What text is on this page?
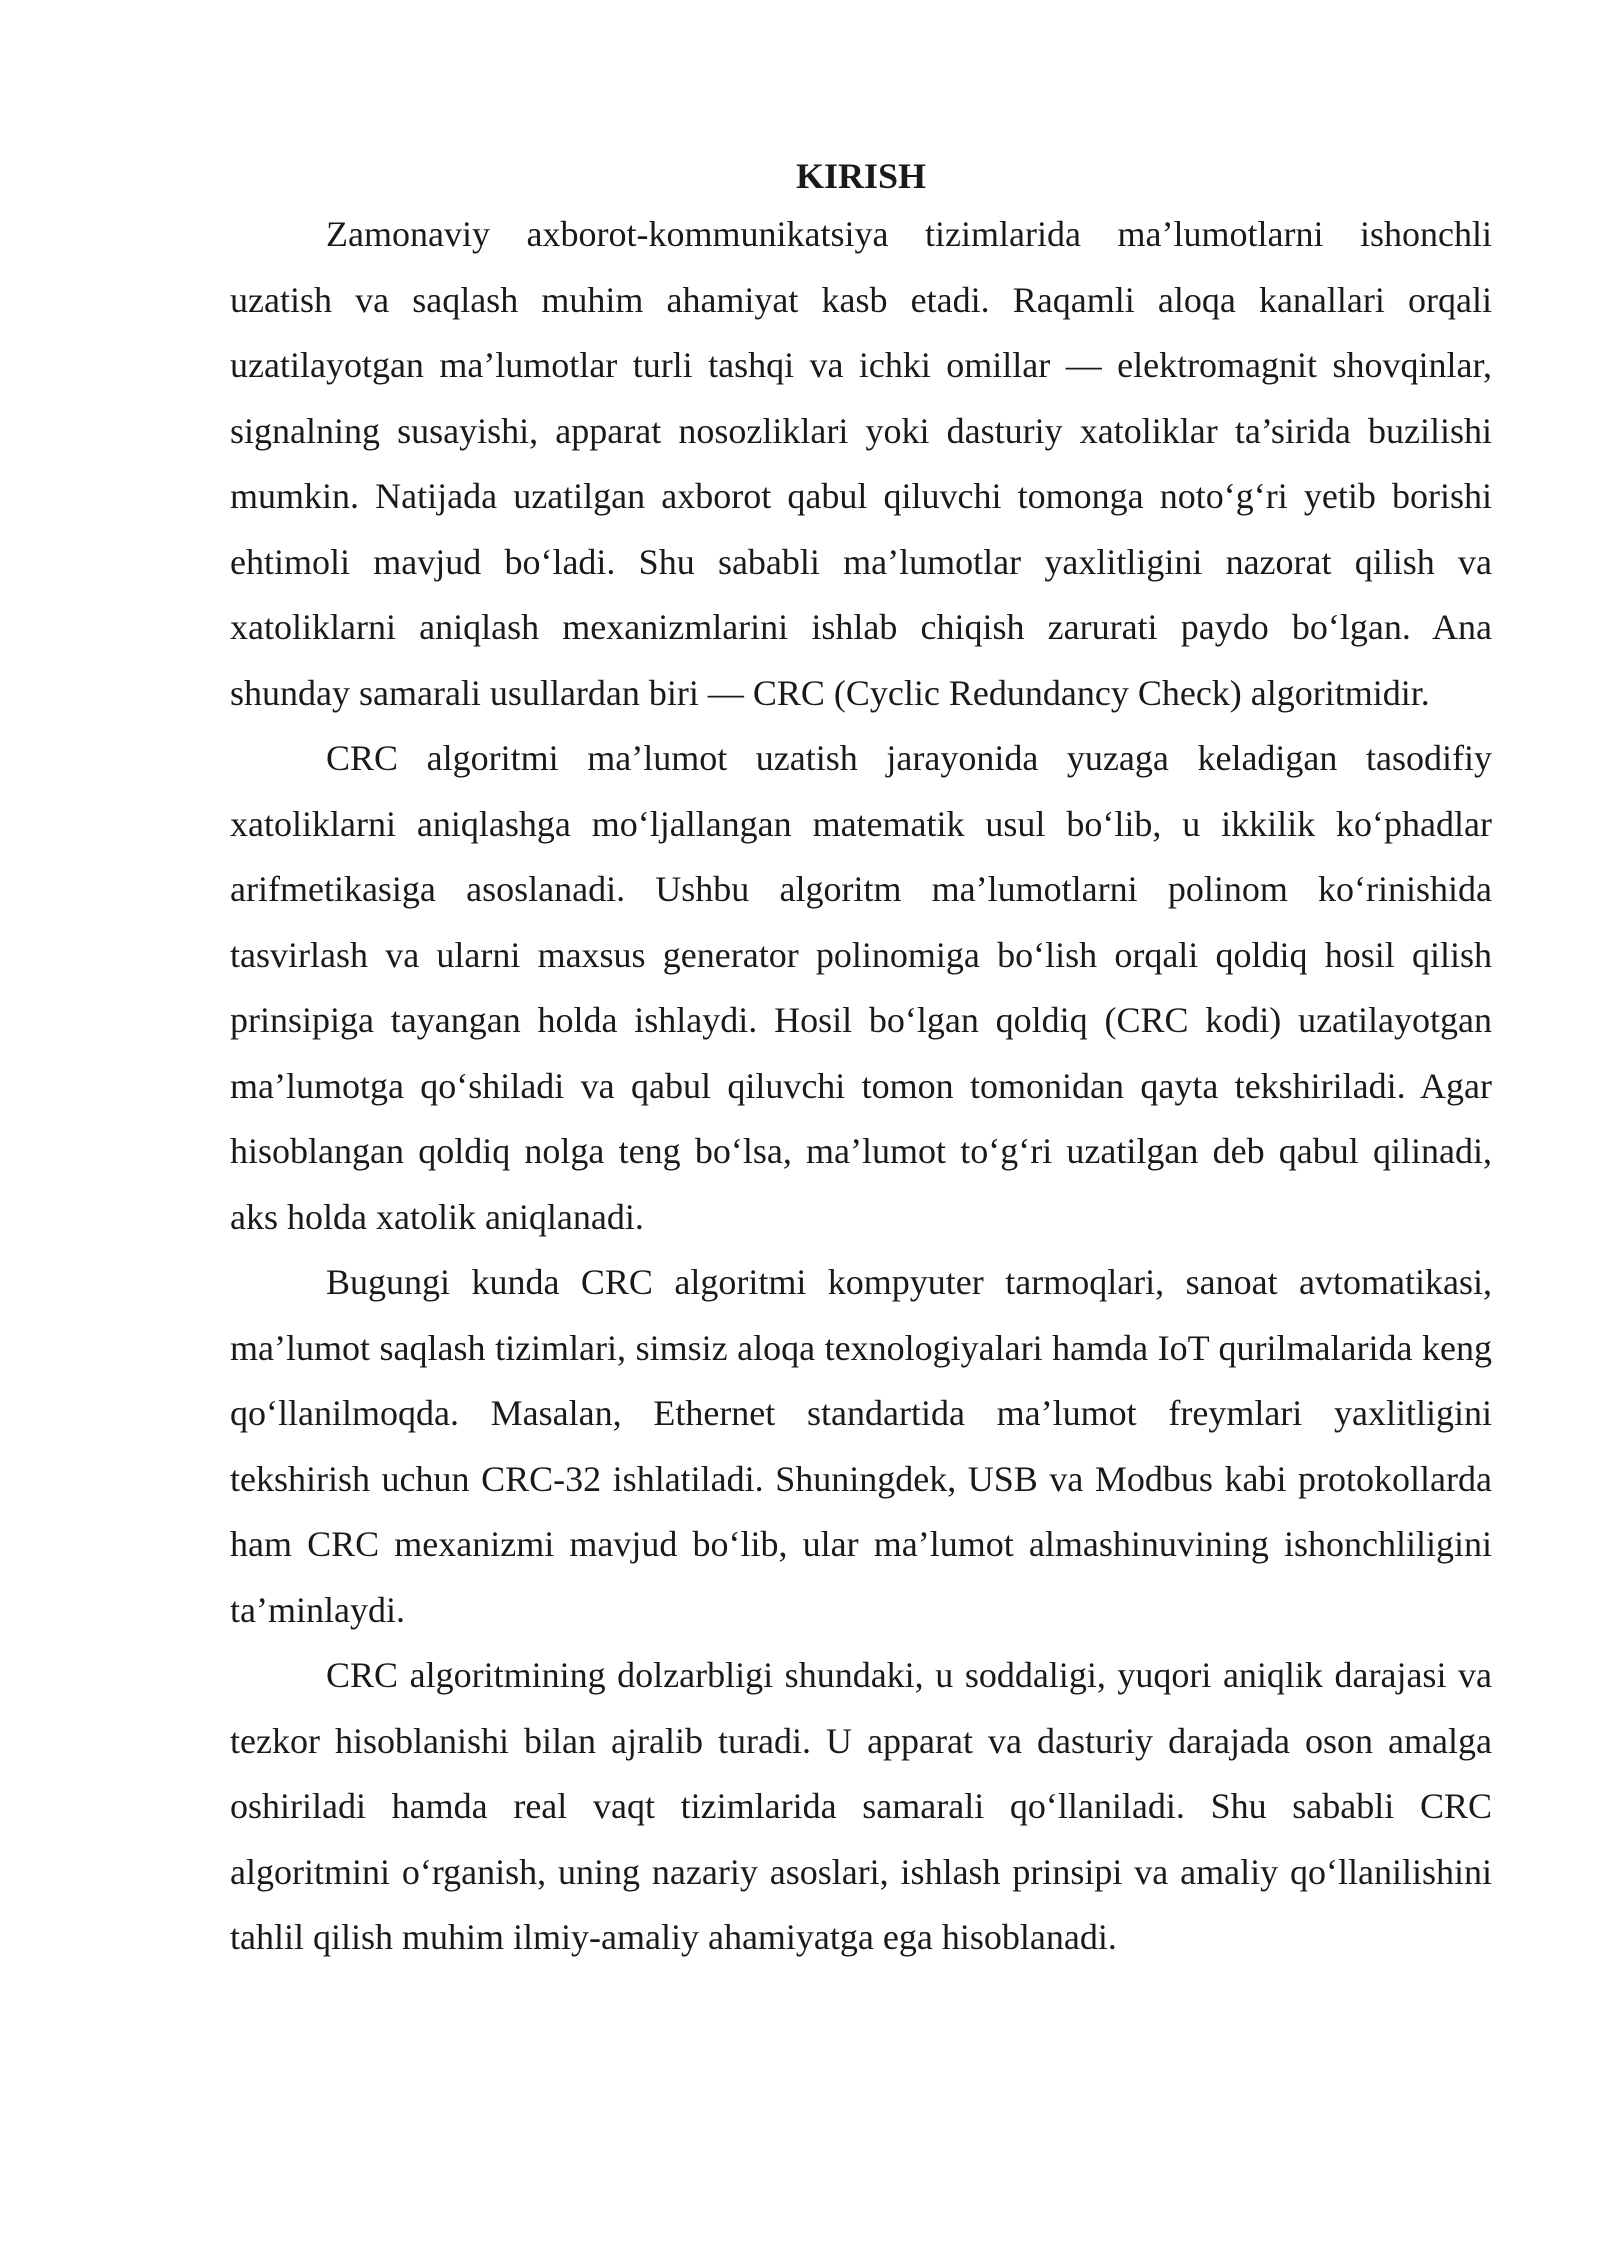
KIRISH

Zamonaviy axborot-kommunikatsiya tizimlarida ma’lumotlarni ishonchli uzatish va saqlash muhim ahamiyat kasb etadi. Raqamli aloqa kanallari orqali uzatilayotgan ma’lumotlar turli tashqi va ichki omillar — elektromagnit shovqinlar, signalning susayishi, apparat nosozliklari yoki dasturiy xatoliklar ta’sirida buzilishi mumkin. Natijada uzatilgan axborot qabul qiluvchi tomonga noto‘g‘ri yetib borishi ehtimoli mavjud bo‘ladi. Shu sababli ma’lumotlar yaxlitligini nazorat qilish va xatoliklarni aniqlash mexanizmlarini ishlab chiqish zarurati paydo bo‘lgan. Ana shunday samarali usullardan biri — CRC (Cyclic Redundancy Check) algoritmidir.

CRC algoritmi ma’lumot uzatish jarayonida yuzaga keladigan tasodifiy xatoliklarni aniqlashga mo‘ljallangan matematik usul bo‘lib, u ikkilik ko‘phadlar arifmetikasiga asoslanadi. Ushbu algoritm ma’lumotlarni polinom ko‘rinishida tasvirlash va ularni maxsus generator polinomiga bo‘lish orqali qoldiq hosil qilish prinsipiga tayangan holda ishlaydi. Hosil bo‘lgan qoldiq (CRC kodi) uzatilayotgan ma’lumotga qo‘shiladi va qabul qiluvchi tomon tomonidan qayta tekshiriladi. Agar hisoblangan qoldiq nolga teng bo‘lsa, ma’lumot to‘g‘ri uzatilgan deb qabul qilinadi, aks holda xatolik aniqlanadi.

Bugungi kunda CRC algoritmi kompyuter tarmoqlari, sanoat avtomatikasi, ma’lumot saqlash tizimlari, simsiz aloqa texnologiyalari hamda IoT qurilmalarida keng qo‘llanilmoqda. Masalan, Ethernet standartida ma’lumot freymlari yaxlitligini tekshirish uchun CRC-32 ishlatiladi. Shuningdek, USB va Modbus kabi protokollarda ham CRC mexanizmi mavjud bo‘lib, ular ma’lumot almashinuvining ishonchliligini ta’minlaydi.

CRC algoritmining dolzarbligi shundaki, u soddaligi, yuqori aniqlik darajasi va tezkor hisoblanishi bilan ajralib turadi. U apparat va dasturiy darajada oson amalga oshiriladi hamda real vaqt tizimlarida samarali qo‘llaniladi. Shu sababli CRC algoritmini o‘rganish, uning nazariy asoslari, ishlash prinsipi va amaliy qo‘llanilishini tahlil qilish muhim ilmiy-amaliy ahamiyatga ega hisoblanadi.
